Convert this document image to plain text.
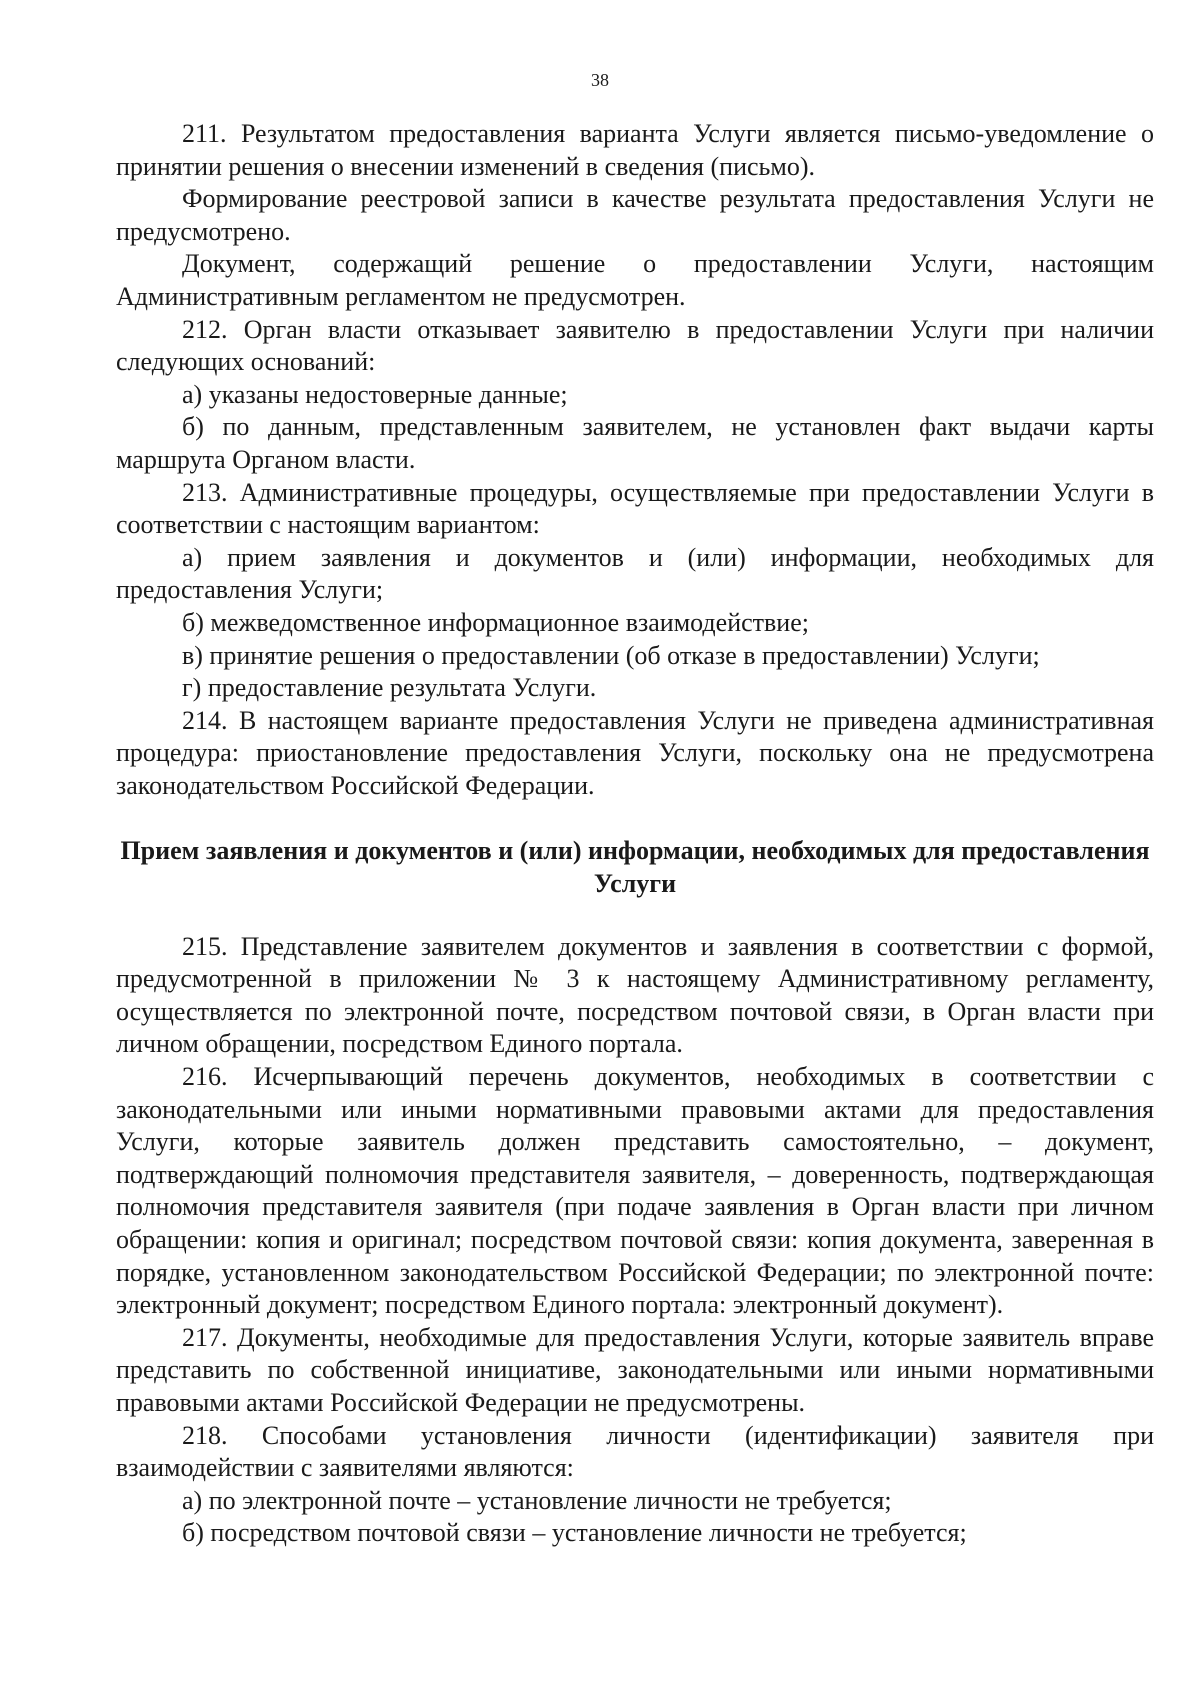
38

211. Результатом предоставления варианта Услуги является письмо-уведомление о принятии решения о внесении изменений в сведения (письмо).

Формирование реестровой записи в качестве результата предоставления Услуги не предусмотрено.

Документ, содержащий решение о предоставлении Услуги, настоящим Административным регламентом не предусмотрен.

212. Орган власти отказывает заявителю в предоставлении Услуги при наличии следующих оснований:

а) указаны недостоверные данные;

б) по данным, представленным заявителем, не установлен факт выдачи карты маршрута Органом власти.

213. Административные процедуры, осуществляемые при предоставлении Услуги в соответствии с настоящим вариантом:

а) прием заявления и документов и (или) информации, необходимых для предоставления Услуги;

б) межведомственное информационное взаимодействие;

в) принятие решения о предоставлении (об отказе в предоставлении) Услуги;

г) предоставление результата Услуги.

214. В настоящем варианте предоставления Услуги не приведена административная процедура: приостановление предоставления Услуги, поскольку она не предусмотрена законодательством Российской Федерации.

Прием заявления и документов и (или) информации, необходимых для предоставления Услуги

215. Представление заявителем документов и заявления в соответствии с формой, предусмотренной в приложении № 3 к настоящему Административному регламенту, осуществляется по электронной почте, посредством почтовой связи, в Орган власти при личном обращении, посредством Единого портала.

216. Исчерпывающий перечень документов, необходимых в соответствии с законодательными или иными нормативными правовыми актами для предоставления Услуги, которые заявитель должен представить самостоятельно, – документ, подтверждающий полномочия представителя заявителя, – доверенность, подтверждающая полномочия представителя заявителя (при подаче заявления в Орган власти при личном обращении: копия и оригинал; посредством почтовой связи: копия документа, заверенная в порядке, установленном законодательством Российской Федерации; по электронной почте: электронный документ; посредством Единого портала: электронный документ).

217. Документы, необходимые для предоставления Услуги, которые заявитель вправе представить по собственной инициативе, законодательными или иными нормативными правовыми актами Российской Федерации не предусмотрены.

218. Способами установления личности (идентификации) заявителя при взаимодействии с заявителями являются:

а) по электронной почте – установление личности не требуется;

б) посредством почтовой связи – установление личности не требуется;
